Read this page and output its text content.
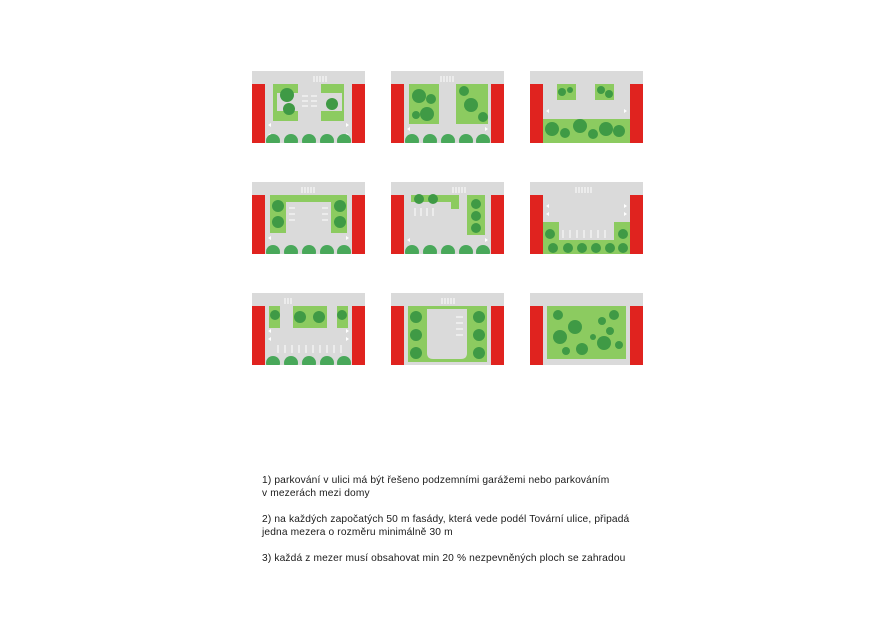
1) parkování v ulici má být řešeno podzemními garážemi nebo parkováním
v mezerách mezi domy

2) na každých započatých 50 m fasády, která vede podél Tovární ulice, připadá
jedna mezera o rozměru minimálně 30 m

3) každá z mezer musí obsahovat min 20 % nezpevněných ploch se zahradou
